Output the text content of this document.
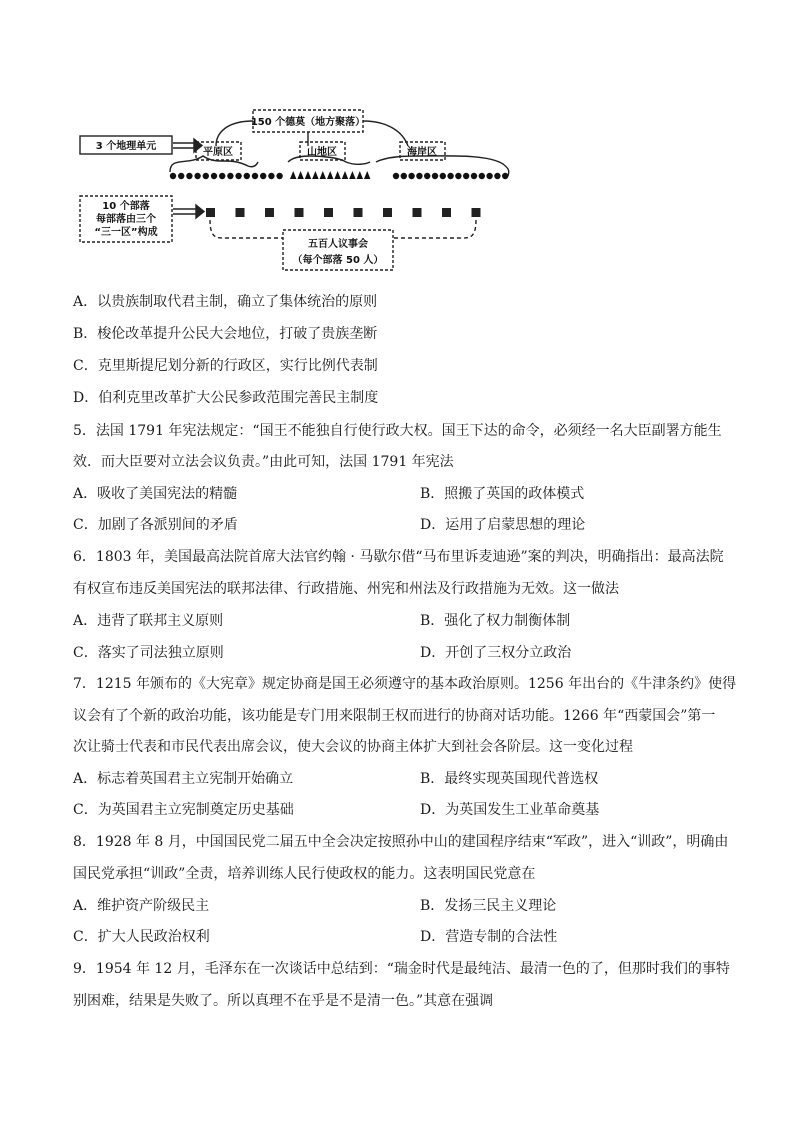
150 个德莫（地方聚落）
3 个地理单元
平原区	山地区	海岸区
10 个部落
每部落由三个
“三一区”构成
五百人议事会
（每个部落 50 人）
A．以贵族制取代君主制，确立了集体统治的原则
B．梭伦改革提升公民大会地位，打破了贵族垄断
C．克里斯提尼划分新的行政区，实行比例代表制
D．伯利克里改革扩大公民参政范围完善民主制度
5．法国 1791 年宪法规定：“国王不能独自行使行政大权。国王下达的命令，必须经一名大臣副署方能生
效．而大臣要对立法会议负责。”由此可知，法国 1791 年宪法
A．吸收了美国宪法的精髓	B．照搬了英国的政体模式
C．加剧了各派别间的矛盾	D．运用了启蒙思想的理论
6．1803 年，美国最高法院首席大法官约翰 · 马歇尔借“马布里诉麦迪逊”案的判决，明确指出：最高法院
有权宣布违反美国宪法的联邦法律、行政措施、州宪和州法及行政措施为无效。这一做法
A．违背了联邦主义原则	B．强化了权力制衡体制
C．落实了司法独立原则	D．开创了三权分立政治
7．1215 年颁布的《大宪章》规定协商是国王必须遵守的基本政治原则。1256 年出台的《牛津条约》使得
议会有了个新的政治功能，该功能是专门用来限制王权而进行的协商对话功能。1266 年“西蒙国会”第一
次让骑士代表和市民代表出席会议，使大会议的协商主体扩大到社会各阶层。这一变化过程
A．标志着英国君主立宪制开始确立	B．最终实现英国现代普选权
C．为英国君主立宪制奠定历史基础	D．为英国发生工业革命奠基
8．1928 年 8 月，中国国民党二届五中全会决定按照孙中山的建国程序结束“军政”，进入“训政”，明确由
国民党承担“训政”全责，培养训练人民行使政权的能力。这表明国民党意在
A．维护资产阶级民主	B．发扬三民主义理论
C．扩大人民政治权利	D．营造专制的合法性
9．1954 年 12 月，毛泽东在一次谈话中总结到：“瑞金时代是最纯洁、最清一色的了，但那时我们的事特
别困难，结果是失败了。所以真理不在乎是不是清一色。”其意在强调
